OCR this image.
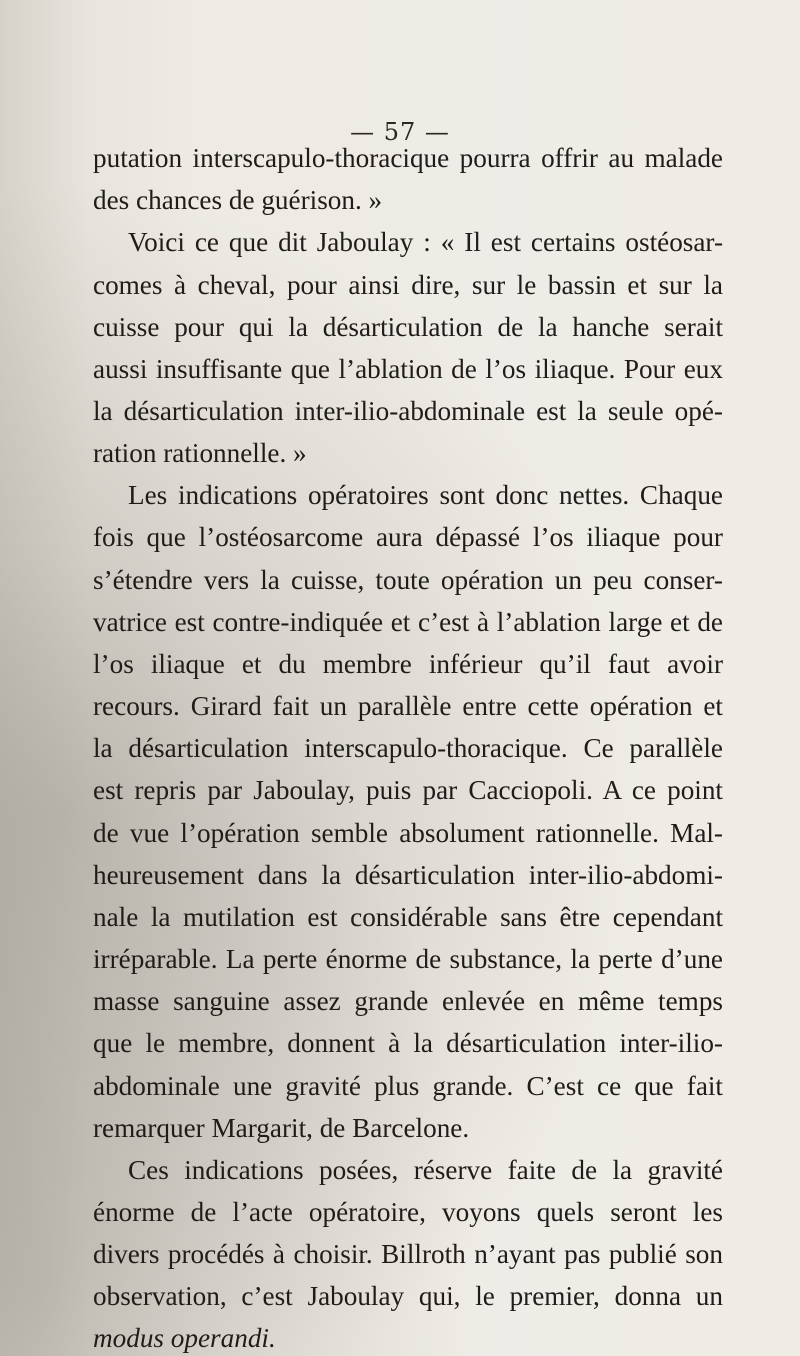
— 57 —
putation interscapulo-thoracique pourra offrir au malade
des chances de guérison. »
Voici ce que dit Jaboulay : « Il est certains ostéosar-
comes à cheval, pour ainsi dire, sur le bassin et sur la
cuisse pour qui la désarticulation de la hanche serait
aussi insuffisante que l’ablation de l’os iliaque. Pour eux
la désarticulation inter-ilio-abdominale est la seule opé-
ration rationnelle. »
Les indications opératoires sont donc nettes. Chaque
fois que l’ostéosarcome aura dépassé l’os iliaque pour
s’étendre vers la cuisse, toute opération un peu conser-
vatrice est contre-indiquée et c’est à l’ablation large et de
l’os iliaque et du membre inférieur qu’il faut avoir
recours. Girard fait un parallèle entre cette opération et
la désarticulation interscapulo-thoracique. Ce parallèle
est repris par Jaboulay, puis par Cacciopoli. A ce point
de vue l’opération semble absolument rationnelle. Mal-
heureusement dans la désarticulation inter-ilio-abdomi-
nale la mutilation est considérable sans être cependant
irréparable. La perte énorme de substance, la perte d’une
masse sanguine assez grande enlevée en même temps
que le membre, donnent à la désarticulation inter-ilio-
abdominale une gravité plus grande. C’est ce que fait
remarquer Margarit, de Barcelone.
Ces indications posées, réserve faite de la gravité
énorme de l’acte opératoire, voyons quels seront les
divers procédés à choisir. Billroth n’ayant pas publié son
observation, c’est Jaboulay qui, le premier, donna un
modus operandi.
